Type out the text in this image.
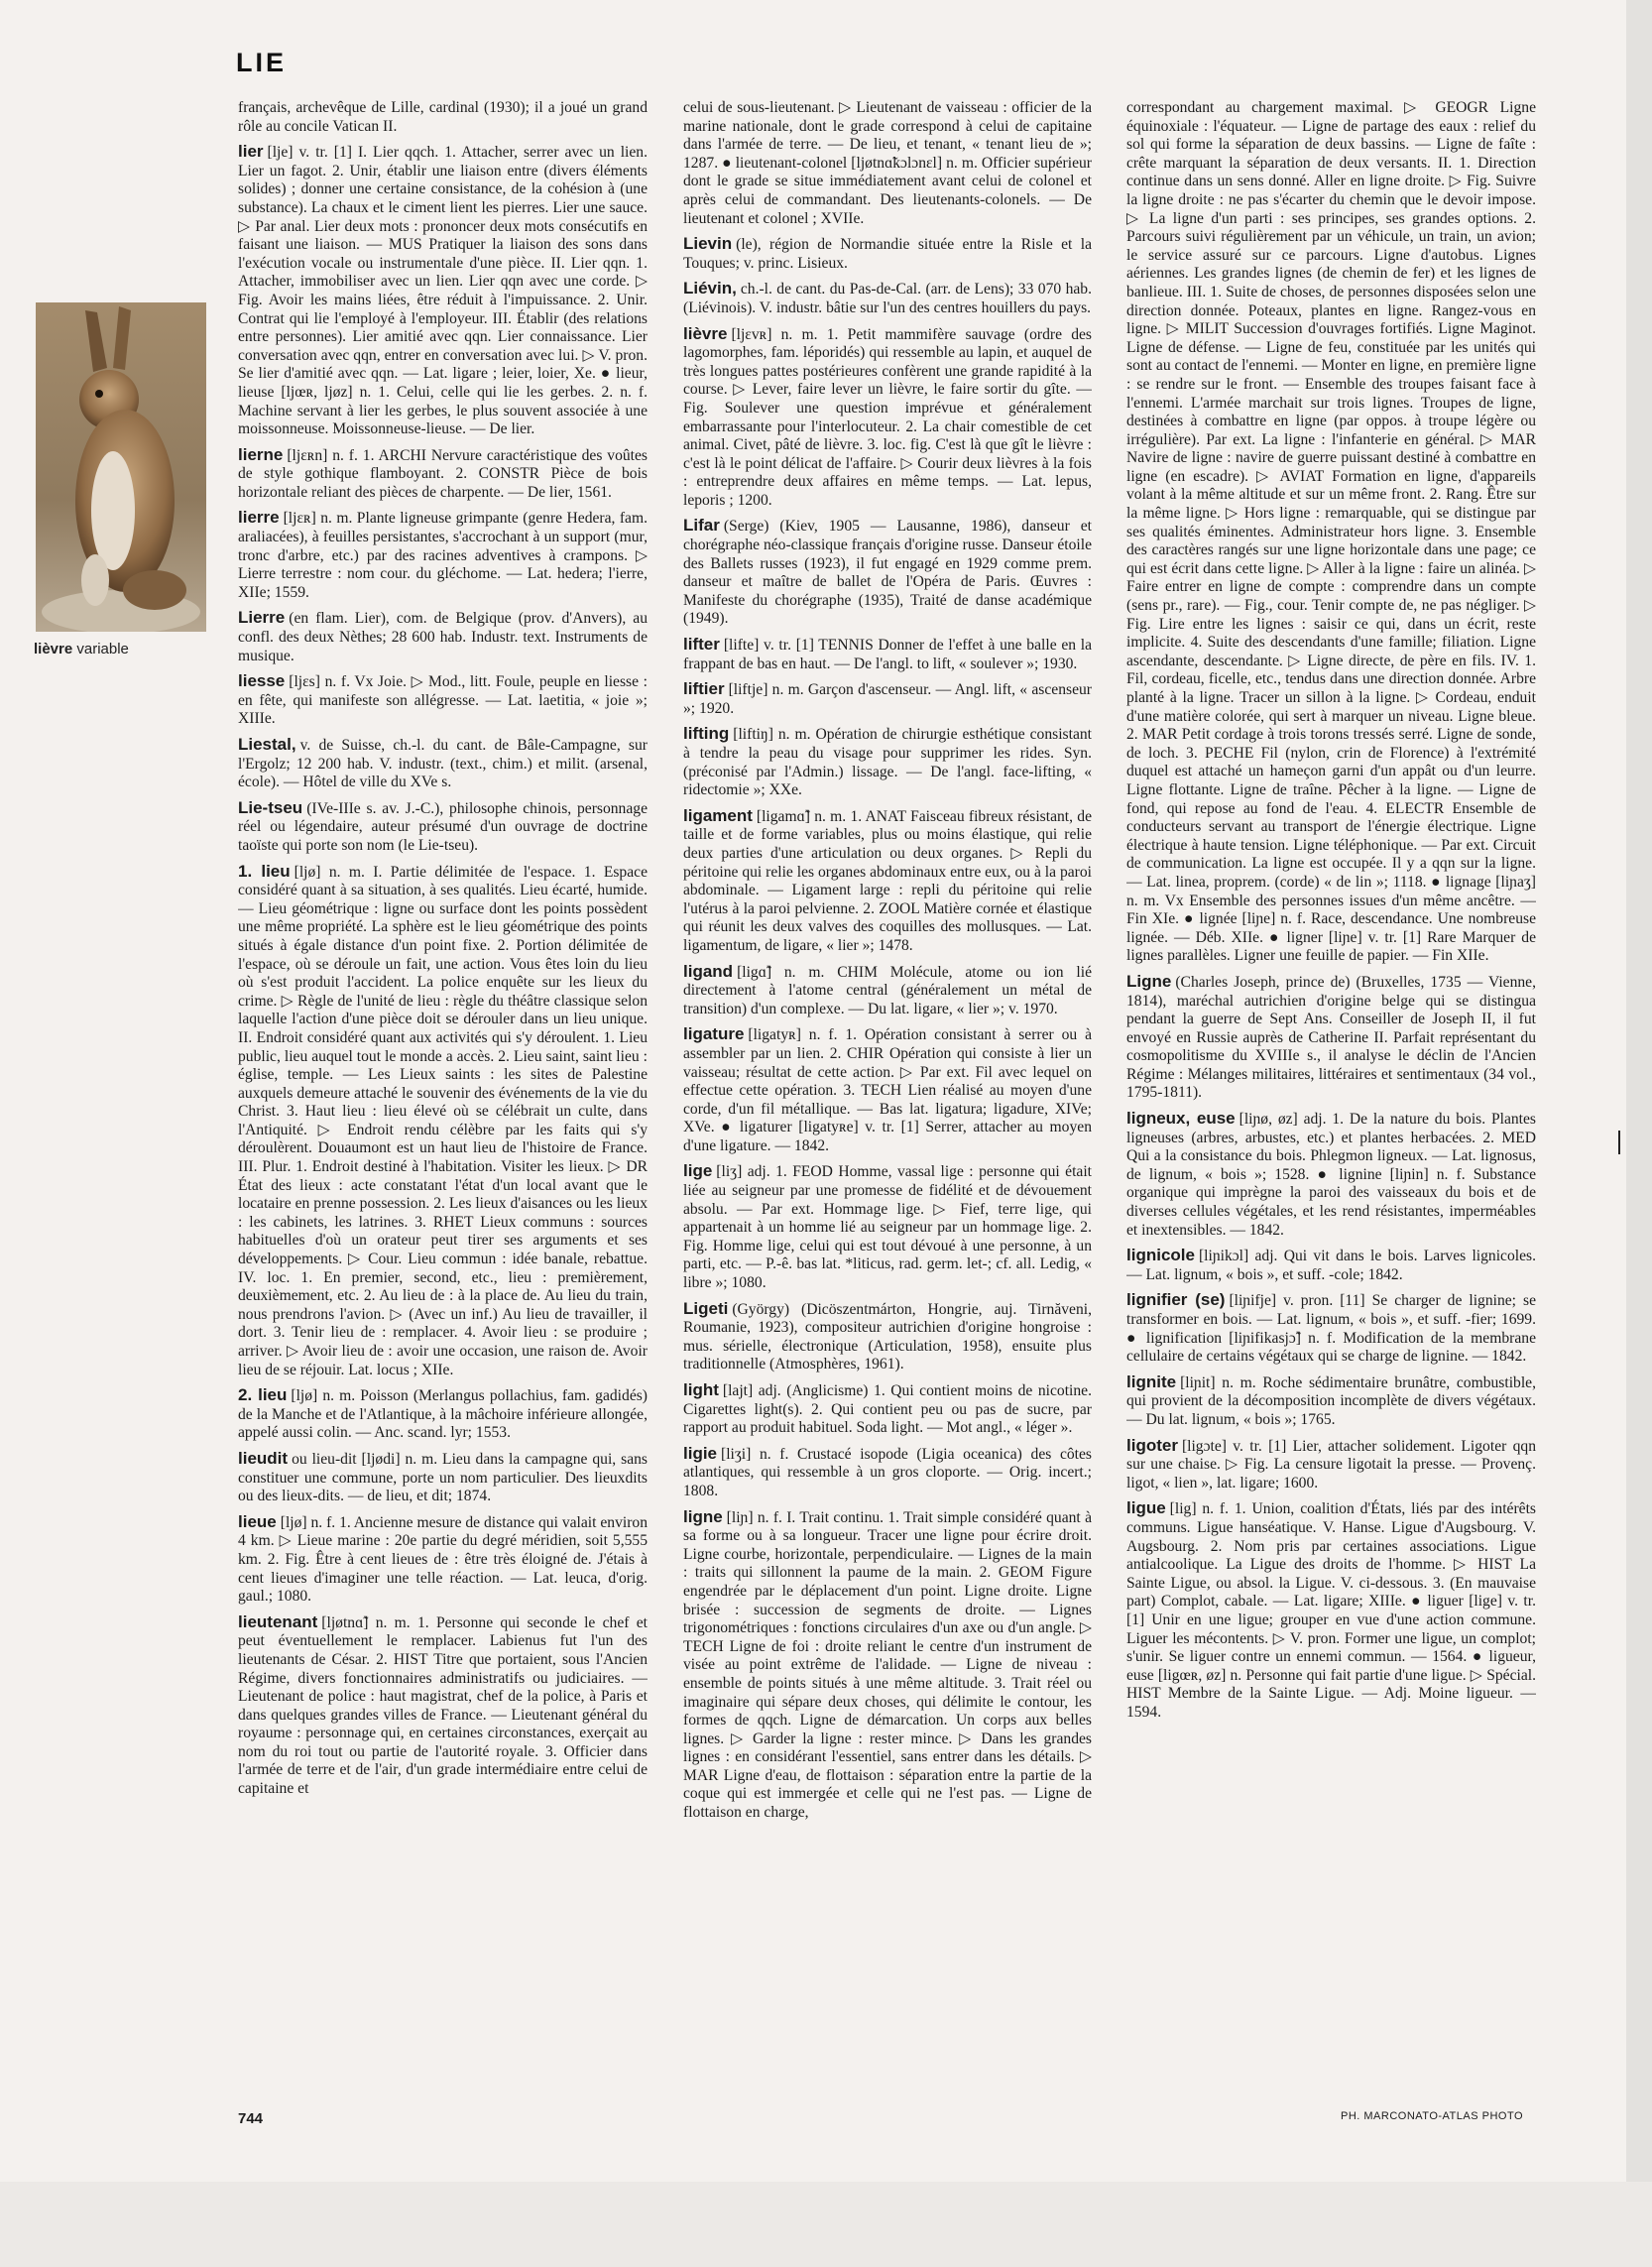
LIE
lièvre variable

français, archevêque de Lille, cardinal (1930); il a joué un grand rôle au concile Vatican II.

lier [lje] v. tr. [1] I. Lier qqch. 1. Attacher, serrer avec un lien. Lier un fagot. 2. Unir, établir une liaison entre (divers éléments solides) ; donner une certaine consistance, de la cohésion à (une substance). La chaux et le ciment lient les pierres. Lier une sauce. ▷ Par anal. Lier deux mots : prononcer deux mots consécutifs en faisant une liaison. — MUS Pratiquer la liaison des sons dans l'exécution vocale ou instrumentale d'une pièce. II. Lier qqn. 1. Attacher, immobiliser avec un lien. Lier qqn avec une corde. ▷ Fig. Avoir les mains liées, être réduit à l'impuissance. 2. Unir. Contrat qui lie l'employé à l'employeur. III. Établir (des relations entre personnes). Lier amitié avec qqn. Lier connaissance. Lier conversation avec qqn, entrer en conversation avec lui. ▷ V. pron. Se lier d'amitié avec qqn. — Lat. ligare ; leier, loier, Xe. ● lieur, lieuse [ljœʀ, ljøz] n. 1. Celui, celle qui lie les gerbes. 2. n. f. Machine servant à lier les gerbes, le plus souvent associée à une moissonneuse. Moissonneuse-lieuse. — De lier.

lierne [ljɛʀn] n. f. 1. ARCHI Nervure caractéristique des voûtes de style gothique flamboyant. 2. CONSTR Pièce de bois horizontale reliant des pièces de charpente. — De lier, 1561.

lierre [ljɛʀ] n. m. Plante ligneuse grimpante (genre Hedera, fam. araliacées), à feuilles persistantes, s'accrochant à un support (mur, tronc d'arbre, etc.) par des racines adventives à crampons. ▷ Lierre terrestre : nom cour. du gléchome. — Lat. hedera; l'ierre, XIIe; 1559.

Lierre (en flam. Lier), com. de Belgique (prov. d'Anvers), au confl. des deux Nèthes; 28 600 hab. Industr. text. Instruments de musique.

liesse [ljɛs] n. f. Vx Joie. ▷ Mod., litt. Foule, peuple en liesse : en fête, qui manifeste son allégresse. — Lat. laetitia, « joie »; XIIIe.

Liestal, v. de Suisse, ch.-l. du cant. de Bâle-Campagne, sur l'Ergolz; 12 200 hab. V. industr. (text., chim.) et milit. (arsenal, école). — Hôtel de ville du XVe s.

Lie-tseu (IVe-IIIe s. av. J.-C.), philosophe chinois, personnage réel ou légendaire, auteur présumé d'un ouvrage de doctrine taoïste qui porte son nom (le Lie-tseu).

1. lieu [ljø] n. m. I. Partie délimitée de l'espace. 1. Espace considéré quant à sa situation, à ses qualités. Lieu écarté, humide. — Lieu géométrique : ligne ou surface dont les points possèdent une même propriété. La sphère est le lieu géométrique des points situés à égale distance d'un point fixe. 2. Portion délimitée de l'espace, où se déroule un fait, une action. Vous êtes loin du lieu où s'est produit l'accident. La police enquête sur les lieux du crime. ▷ Règle de l'unité de lieu : règle du théâtre classique selon laquelle l'action d'une pièce doit se dérouler dans un lieu unique. II. Endroit considéré quant aux activités qui s'y déroulent. 1. Lieu public, lieu auquel tout le monde a accès. 2. Lieu saint, saint lieu : église, temple. — Les Lieux saints : les sites de Palestine auxquels demeure attaché le souvenir des événements de la vie du Christ. 3. Haut lieu : lieu élevé où se célébrait un culte, dans l'Antiquité. ▷ Endroit rendu célèbre par les faits qui s'y déroulèrent. Douaumont est un haut lieu de l'histoire de France. III. Plur. 1. Endroit destiné à l'habitation. Visiter les lieux. ▷ DR État des lieux : acte constatant l'état d'un local avant que le locataire en prenne possession. 2. Les lieux d'aisances ou les lieux : les cabinets, les latrines. 3. RHET Lieux communs : sources habituelles d'où un orateur peut tirer ses arguments et ses développements. ▷ Cour. Lieu commun : idée banale, rebattue. IV. loc. 1. En premier, second, etc., lieu : premièrement, deuxièmement, etc. 2. Au lieu de : à la place de. Au lieu du train, nous prendrons l'avion. ▷ (Avec un inf.) Au lieu de travailler, il dort. 3. Tenir lieu de : remplacer. 4. Avoir lieu : se produire ; arriver. ▷ Avoir lieu de : avoir une occasion, une raison de. Avoir lieu de se réjouir. Lat. locus ; XIIe.

2. lieu [ljø] n. m. Poisson (Merlangus pollachius, fam. gadidés) de la Manche et de l'Atlantique, à la mâchoire inférieure allongée, appelé aussi colin. — Anc. scand. lyr; 1553.

lieudit ou lieu-dit [ljødi] n. m. Lieu dans la campagne qui, sans constituer une commune, porte un nom particulier. Des lieuxdits ou des lieux-dits. — de lieu, et dit; 1874.

lieue [ljø] n. f. 1. Ancienne mesure de distance qui valait environ 4 km. ▷ Lieue marine : 20e partie du degré méridien, soit 5,555 km. 2. Fig. Être à cent lieues de : être très éloigné de. J'étais à cent lieues d'imaginer une telle réaction. — Lat. leuca, d'orig. gaul.; 1080.

lieutenant [ljøtnɑ̃] n. m. 1. Personne qui seconde le chef et peut éventuellement le remplacer. Labienus fut l'un des lieutenants de César. 2. HIST Titre que portaient, sous l'Ancien Régime, divers fonctionnaires administratifs ou judiciaires. — Lieutenant de police : haut magistrat, chef de la police, à Paris et dans quelques grandes villes de France. — Lieutenant général du royaume : personnage qui, en certaines circonstances, exerçait au nom du roi tout ou partie de l'autorité royale. 3. Officier dans l'armée de terre et de l'air, d'un grade intermédiaire entre celui de capitaine et

celui de sous-lieutenant. ▷ Lieutenant de vaisseau : officier de la marine nationale, dont le grade correspond à celui de capitaine dans l'armée de terre. — De lieu, et tenant, « tenant lieu de »; 1287. ● lieutenant-colonel [ljøtnɑ̃kɔlɔnɛl] n. m. Officier supérieur dont le grade se situe immédiatement avant celui de colonel et après celui de commandant. Des lieutenants-colonels. — De lieutenant et colonel ; XVIIe.

Lievin (le), région de Normandie située entre la Risle et la Touques; v. princ. Lisieux.

Liévin, ch.-l. de cant. du Pas-de-Cal. (arr. de Lens); 33 070 hab. (Liévinois). V. industr. bâtie sur l'un des centres houillers du pays.

lièvre [ljɛvʀ] n. m. 1. Petit mammifère sauvage (ordre des lagomorphes, fam. léporidés) qui ressemble au lapin, et auquel de très longues pattes postérieures confèrent une grande rapidité à la course. ▷ Lever, faire lever un lièvre, le faire sortir du gîte. — Fig. Soulever une question imprévue et généralement embarrassante pour l'interlocuteur. 2. La chair comestible de cet animal. Civet, pâté de lièvre. 3. loc. fig. C'est là que gît le lièvre : c'est là le point délicat de l'affaire. ▷ Courir deux lièvres à la fois : entreprendre deux affaires en même temps. — Lat. lepus, leporis ; 1200.

Lifar (Serge) (Kiev, 1905 — Lausanne, 1986), danseur et chorégraphe néo-classique français d'origine russe. Danseur étoile des Ballets russes (1923), il fut engagé en 1929 comme prem. danseur et maître de ballet de l'Opéra de Paris. Œuvres : Manifeste du chorégraphe (1935), Traité de danse académique (1949).

lifter [lifte] v. tr. [1] TENNIS Donner de l'effet à une balle en la frappant de bas en haut. — De l'angl. to lift, « soulever »; 1930.

liftier [liftje] n. m. Garçon d'ascenseur. — Angl. lift, « ascenseur »; 1920.

lifting [liftiŋ] n. m. Opération de chirurgie esthétique consistant à tendre la peau du visage pour supprimer les rides. Syn. (préconisé par l'Admin.) lissage. — De l'angl. face-lifting, « ridectomie »; XXe.

ligament [ligamɑ̃] n. m. 1. ANAT Faisceau fibreux résistant, de taille et de forme variables, plus ou moins élastique, qui relie deux parties d'une articulation ou deux organes. ▷ Repli du péritoine qui relie les organes abdominaux entre eux, ou à la paroi abdominale. — Ligament large : repli du péritoine qui relie l'utérus à la paroi pelvienne. 2. ZOOL Matière cornée et élastique qui réunit les deux valves des coquilles des mollusques. — Lat. ligamentum, de ligare, « lier »; 1478.

ligand [ligɑ̃] n. m. CHIM Molécule, atome ou ion lié directement à l'atome central (généralement un métal de transition) d'un complexe. — Du lat. ligare, « lier »; v. 1970.

ligature [ligatyʀ] n. f. 1. Opération consistant à serrer ou à assembler par un lien. 2. CHIR Opération qui consiste à lier un vaisseau; résultat de cette action. ▷ Par ext. Fil avec lequel on effectue cette opération. 3. TECH Lien réalisé au moyen d'une corde, d'un fil métallique. — Bas lat. ligatura; ligadure, XIVe; XVe. ● ligaturer [ligatyʀe] v. tr. [1] Serrer, attacher au moyen d'une ligature. — 1842.

lige [liʒ] adj. 1. FEOD Homme, vassal lige : personne qui était liée au seigneur par une promesse de fidélité et de dévouement absolu. — Par ext. Hommage lige. ▷ Fief, terre lige, qui appartenait à un homme lié au seigneur par un hommage lige. 2. Fig. Homme lige, celui qui est tout dévoué à une personne, à un parti, etc. — P.-ê. bas lat. *liticus, rad. germ. let-; cf. all. Ledig, « libre »; 1080.

Ligeti (György) (Dicöszentmárton, Hongrie, auj. Tirnăveni, Roumanie, 1923), compositeur autrichien d'origine hongroise : mus. sérielle, électronique (Articulation, 1958), ensuite plus traditionnelle (Atmosphères, 1961).

light [lajt] adj. (Anglicisme) 1. Qui contient moins de nicotine. Cigarettes light(s). 2. Qui contient peu ou pas de sucre, par rapport au produit habituel. Soda light. — Mot angl., « léger ».

ligie [liʒi] n. f. Crustacé isopode (Ligia oceanica) des côtes atlantiques, qui ressemble à un gros cloporte. — Orig. incert.; 1808.

ligne [liɲ] n. f. I. Trait continu. 1. Trait simple considéré quant à sa forme ou à sa longueur. Tracer une ligne pour écrire droit. Ligne courbe, horizontale, perpendiculaire. — Lignes de la main : traits qui sillonnent la paume de la main. 2. GEOM Figure engendrée par le déplacement d'un point. Ligne droite. Ligne brisée : succession de segments de droite. — Lignes trigonométriques : fonctions circulaires d'un axe ou d'un angle. ▷ TECH Ligne de foi : droite reliant le centre d'un instrument de visée au point extrême de l'alidade. — Ligne de niveau : ensemble de points situés à une même altitude. 3. Trait réel ou imaginaire qui sépare deux choses, qui délimite le contour, les formes de qqch. Ligne de démarcation. Un corps aux belles lignes. ▷ Garder la ligne : rester mince. ▷ Dans les grandes lignes : en considérant l'essentiel, sans entrer dans les détails. ▷ MAR Ligne d'eau, de flottaison : séparation entre la partie de la coque qui est immergée et celle qui ne l'est pas. — Ligne de flottaison en charge,

correspondant au chargement maximal. ▷ GEOGR Ligne équinoxiale : l'équateur. — Ligne de partage des eaux : relief du sol qui forme la séparation de deux bassins. — Ligne de faîte : crête marquant la séparation de deux versants. II. 1. Direction continue dans un sens donné. Aller en ligne droite. ▷ Fig. Suivre la ligne droite : ne pas s'écarter du chemin que le devoir impose. ▷ La ligne d'un parti : ses principes, ses grandes options. 2. Parcours suivi régulièrement par un véhicule, un train, un avion; le service assuré sur ce parcours. Ligne d'autobus. Lignes aériennes. Les grandes lignes (de chemin de fer) et les lignes de banlieue. III. 1. Suite de choses, de personnes disposées selon une direction donnée. Poteaux, plantes en ligne. Rangez-vous en ligne. ▷ MILIT Succession d'ouvrages fortifiés. Ligne Maginot. Ligne de défense. — Ligne de feu, constituée par les unités qui sont au contact de l'ennemi. — Monter en ligne, en première ligne : se rendre sur le front. — Ensemble des troupes faisant face à l'ennemi. L'armée marchait sur trois lignes. Troupes de ligne, destinées à combattre en ligne (par oppos. à troupe légère ou irrégulière). Par ext. La ligne : l'infanterie en général. ▷ MAR Navire de ligne : navire de guerre puissant destiné à combattre en ligne (en escadre). ▷ AVIAT Formation en ligne, d'appareils volant à la même altitude et sur un même front. 2. Rang. Être sur la même ligne. ▷ Hors ligne : remarquable, qui se distingue par ses qualités éminentes. Administrateur hors ligne. 3. Ensemble des caractères rangés sur une ligne horizontale dans une page; ce qui est écrit dans cette ligne. ▷ Aller à la ligne : faire un alinéa. ▷ Faire entrer en ligne de compte : comprendre dans un compte (sens pr., rare). — Fig., cour. Tenir compte de, ne pas négliger. ▷ Fig. Lire entre les lignes : saisir ce qui, dans un écrit, reste implicite. 4. Suite des descendants d'une famille; filiation. Ligne ascendante, descendante. ▷ Ligne directe, de père en fils. IV. 1. Fil, cordeau, ficelle, etc., tendus dans une direction donnée. Arbre planté à la ligne. Tracer un sillon à la ligne. ▷ Cordeau, enduit d'une matière colorée, qui sert à marquer un niveau. Ligne bleue. 2. MAR Petit cordage à trois torons tressés serré. Ligne de sonde, de loch. 3. PECHE Fil (nylon, crin de Florence) à l'extrémité duquel est attaché un hameçon garni d'un appât ou d'un leurre. Ligne flottante. Ligne de traîne. Pêcher à la ligne. — Ligne de fond, qui repose au fond de l'eau. 4. ELECTR Ensemble de conducteurs servant au transport de l'énergie électrique. Ligne électrique à haute tension. Ligne téléphonique. — Par ext. Circuit de communication. La ligne est occupée. Il y a qqn sur la ligne. — Lat. linea, proprem. (corde) « de lin »; 1118. ● lignage [liɲaʒ] n. m. Vx Ensemble des personnes issues d'un même ancêtre. — Fin XIe. ● lignée [liɲe] n. f. Race, descendance. Une nombreuse lignée. — Déb. XIIe. ● ligner [liɲe] v. tr. [1] Rare Marquer de lignes parallèles. Ligner une feuille de papier. — Fin XIIe.

Ligne (Charles Joseph, prince de) (Bruxelles, 1735 — Vienne, 1814), maréchal autrichien d'origine belge qui se distingua pendant la guerre de Sept Ans. Conseiller de Joseph II, il fut envoyé en Russie auprès de Catherine II. Parfait représentant du cosmopolitisme du XVIIIe s., il analyse le déclin de l'Ancien Régime : Mélanges militaires, littéraires et sentimentaux (34 vol., 1795-1811).

ligneux, euse [liɲø, øz] adj. 1. De la nature du bois. Plantes ligneuses (arbres, arbustes, etc.) et plantes herbacées. 2. MED Qui a la consistance du bois. Phlegmon ligneux. — Lat. lignosus, de lignum, « bois »; 1528. ● lignine [liɲin] n. f. Substance organique qui imprègne la paroi des vaisseaux du bois et de diverses cellules végétales, et les rend résistantes, imperméables et inextensibles. — 1842.

lignicole [liɲikɔl] adj. Qui vit dans le bois. Larves lignicoles. — Lat. lignum, « bois », et suff. -cole; 1842.

lignifier (se) [liɲifje] v. pron. [11] Se charger de lignine; se transformer en bois. — Lat. lignum, « bois », et suff. -fier; 1699. ● lignification [liɲifikasjɔ̃] n. f. Modification de la membrane cellulaire de certains végétaux qui se charge de lignine. — 1842.

lignite [liɲit] n. m. Roche sédimentaire brunâtre, combustible, qui provient de la décomposition incomplète de divers végétaux. — Du lat. lignum, « bois »; 1765.

ligoter [ligɔte] v. tr. [1] Lier, attacher solidement. Ligoter qqn sur une chaise. ▷ Fig. La censure ligotait la presse. — Provenç. ligot, « lien », lat. ligare; 1600.

ligue [lig] n. f. 1. Union, coalition d'États, liés par des intérêts communs. Ligue hanséatique. V. Hanse. Ligue d'Augsbourg. V. Augsbourg. 2. Nom pris par certaines associations. Ligue antialcoolique. La Ligue des droits de l'homme. ▷ HIST La Sainte Ligue, ou absol. la Ligue. V. ci-dessous. 3. (En mauvaise part) Complot, cabale. — Lat. ligare; XIIIe. ● liguer [lige] v. tr. [1] Unir en une ligue; grouper en vue d'une action commune. Liguer les mécontents. ▷ V. pron. Former une ligue, un complot; s'unir. Se liguer contre un ennemi commun. — 1564. ● ligueur, euse [ligœʀ, øz] n. Personne qui fait partie d'une ligue. ▷ Spécial. HIST Membre de la Sainte Ligue. — Adj. Moine ligueur. — 1594.

744	PH. MARCONATO-ATLAS PHOTO
